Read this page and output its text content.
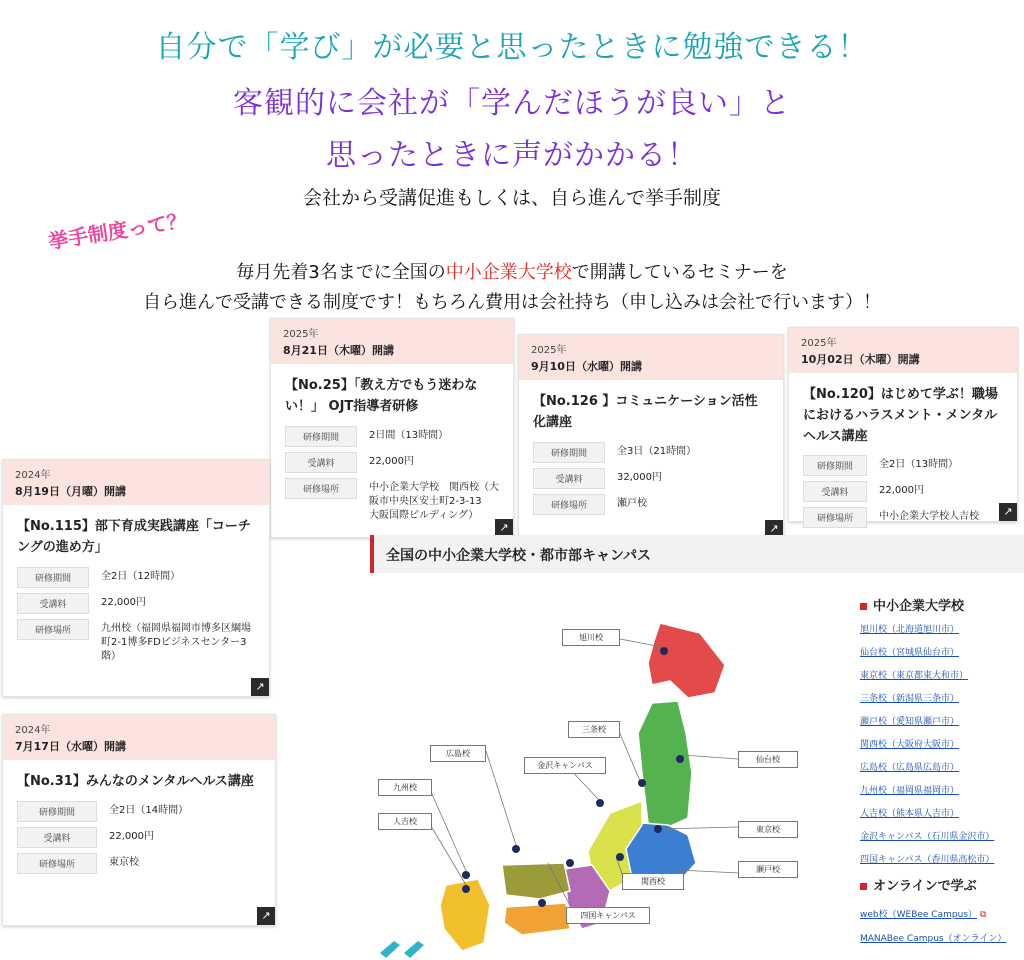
自分で「学び」が必要と思ったときに勉強できる！
客観的に会社が「学んだほうが良い」と
思ったときに声がかかる！
会社から受講促進もしくは、自ら進んで挙手制度
挙手制度って？
毎月先着3名までに全国の中小企業大学校で開講しているセミナーを
自ら進んで受講できる制度です！もちろん費用は会社持ち（申し込みは会社で行います）！
2025年
8月21日（木曜）開講
【No.25】「教え方でもう迷わない！」 OJT指導者研修
研修期間	2日間（13時間）
受講料	22,000円
研修場所	中小企業大学校　関西校（大阪市中央区安土町2-3-13　大阪国際ビルディング）
↗
2025年
9月10日（水曜）開講
【No.126 】コミュニケーション活性化講座
研修期間	全3日（21時間）
受講料	32,000円
研修場所	瀬戸校
↗
2025年
10月02日（木曜）開講
【No.120】はじめて学ぶ！職場におけるハラスメント・メンタルヘルス講座
研修期間	全2日（13時間）
受講料	22,000円
研修場所	中小企業大学校人吉校	↗
2024年
8月19日（月曜）開講
【No.115】部下育成実践講座「コーチングの進め方」
研修期間	全2日（12時間）
受講料	22,000円
研修場所	九州校（福岡県福岡市博多区綱場町2-1博多FDビジネスセンター3階）
↗
2024年
7月17日（水曜）開講
【No.31】みんなのメンタルヘルス講座
研修期間	全2日（14時間）
受講料	22,000円
研修場所	東京校
↗
全国の中小企業大学校・都市部キャンパス
旭川校
三条校
仙台校
広島校
金沢キャンパス
九州校
人吉校
東京校
瀬戸校
関西校
四国キャンパス
中小企業大学校
旭川校（北海道旭川市）
仙台校（宮城県仙台市）
東京校（東京都東大和市）
三条校（新潟県三条市）
瀬戸校（愛知県瀬戸市）
関西校（大阪府大阪市）
広島校（広島県広島市）
九州校（福岡県福岡市）
人吉校（熊本県人吉市）
金沢キャンパス（石川県金沢市）
四国キャンパス（香川県高松市）
オンラインで学ぶ
web校（WEBee Campus） ⧉
MANABee Campus（オンライン）
